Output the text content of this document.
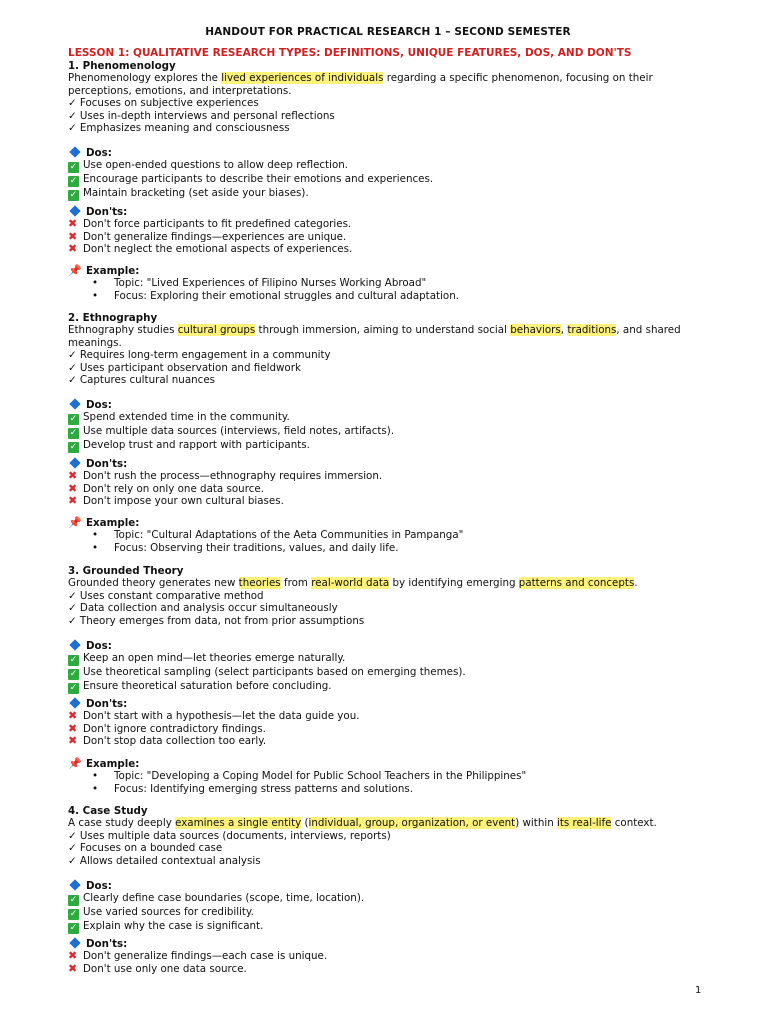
HANDOUT FOR PRACTICAL RESEARCH 1 – SECOND SEMESTER
LESSON 1: QUALITATIVE RESEARCH TYPES: DEFINITIONS, UNIQUE FEATURES, DOS, AND DON'TS
1. Phenomenology
Phenomenology explores the lived experiences of individuals regarding a specific phenomenon, focusing on their
perceptions, emotions, and interpretations.
✓ Focuses on subjective experiences
✓ Uses in-depth interviews and personal reflections
✓ Emphasizes meaning and consciousness
Dos:
✓ Use open-ended questions to allow deep reflection.
✓ Encourage participants to describe their emotions and experiences.
✓ Maintain bracketing (set aside your biases).
Don'ts:
✖ Don't force participants to fit predefined categories.
✖ Don't generalize findings—experiences are unique.
✖ Don't neglect the emotional aspects of experiences.
📌 Example:
• Topic: "Lived Experiences of Filipino Nurses Working Abroad"
• Focus: Exploring their emotional struggles and cultural adaptation.
2. Ethnography
Ethnography studies cultural groups through immersion, aiming to understand social behaviors, traditions, and shared
meanings.
✓ Requires long-term engagement in a community
✓ Uses participant observation and fieldwork
✓ Captures cultural nuances
Dos:
✓ Spend extended time in the community.
✓ Use multiple data sources (interviews, field notes, artifacts).
✓ Develop trust and rapport with participants.
Don'ts:
✖ Don't rush the process—ethnography requires immersion.
✖ Don't rely on only one data source.
✖ Don't impose your own cultural biases.
📌 Example:
• Topic: "Cultural Adaptations of the Aeta Communities in Pampanga"
• Focus: Observing their traditions, values, and daily life.
3. Grounded Theory
Grounded theory generates new theories from real-world data by identifying emerging patterns and concepts.
✓ Uses constant comparative method
✓ Data collection and analysis occur simultaneously
✓ Theory emerges from data, not from prior assumptions
Dos:
✓ Keep an open mind—let theories emerge naturally.
✓ Use theoretical sampling (select participants based on emerging themes).
✓ Ensure theoretical saturation before concluding.
Don'ts:
✖ Don't start with a hypothesis—let the data guide you.
✖ Don't ignore contradictory findings.
✖ Don't stop data collection too early.
📌 Example:
• Topic: "Developing a Coping Model for Public School Teachers in the Philippines"
• Focus: Identifying emerging stress patterns and solutions.
4. Case Study
A case study deeply examines a single entity (individual, group, organization, or event) within its real-life context.
✓ Uses multiple data sources (documents, interviews, reports)
✓ Focuses on a bounded case
✓ Allows detailed contextual analysis
Dos:
✓ Clearly define case boundaries (scope, time, location).
✓ Use varied sources for credibility.
✓ Explain why the case is significant.
Don'ts:
✖ Don't generalize findings—each case is unique.
✖ Don't use only one data source.
1
